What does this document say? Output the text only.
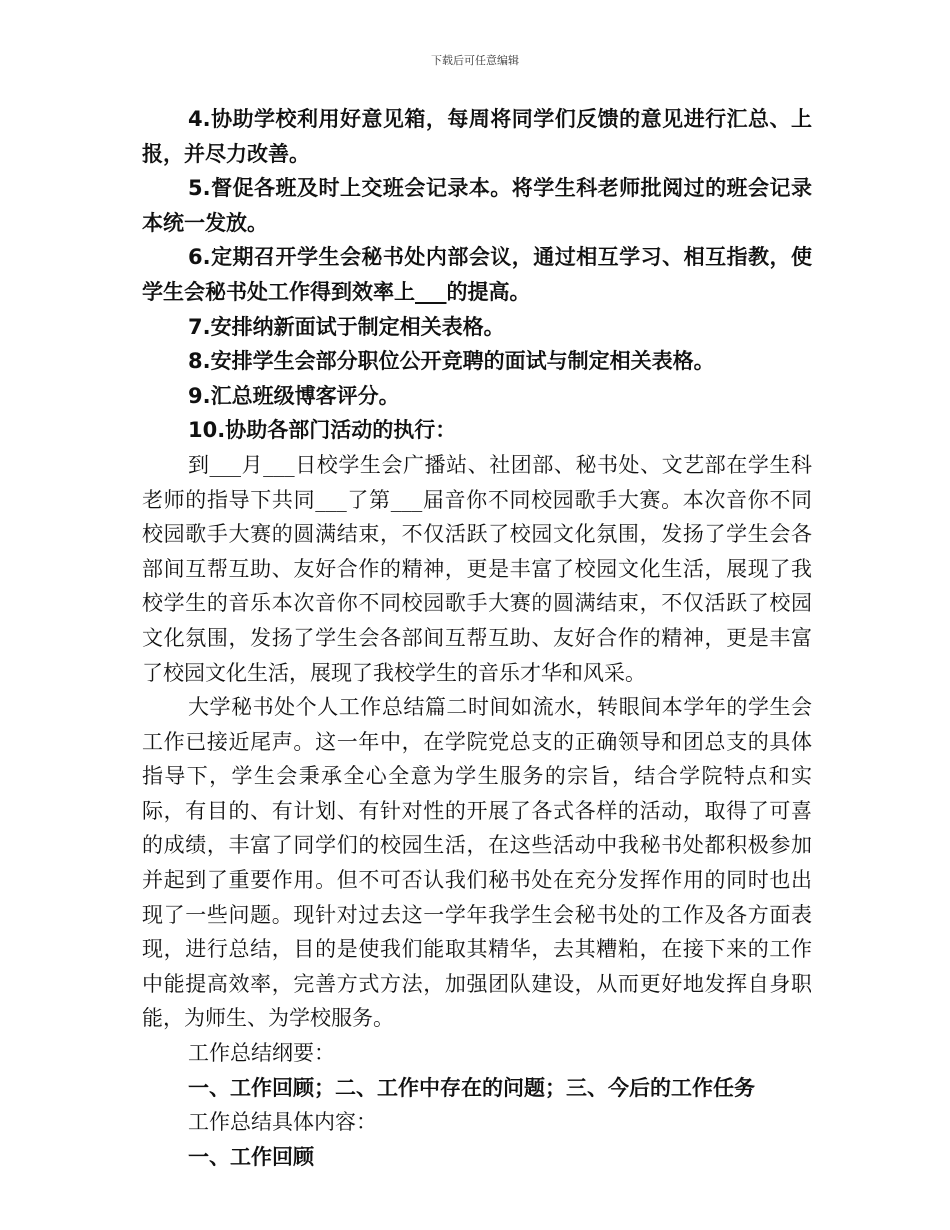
下载后可任意编辑

4.协助学校利用好意见箱，每周将同学们反馈的意见进行汇总、上报，并尽力改善。

5.督促各班及时上交班会记录本。将学生科老师批阅过的班会记录本统一发放。

6.定期召开学生会秘书处内部会议，通过相互学习、相互指教，使学生会秘书处工作得到效率上___的提高。

7.安排纳新面试于制定相关表格。

8.安排学生会部分职位公开竞聘的面试与制定相关表格。

9.汇总班级博客评分。

10.协助各部门活动的执行：

到___月___日校学生会广播站、社团部、秘书处、文艺部在学生科老师的指导下共同___了第___届音你不同校园歌手大赛。本次音你不同校园歌手大赛的圆满结束，不仅活跃了校园文化氛围，发扬了学生会各部间互帮互助、友好合作的精神，更是丰富了校园文化生活，展现了我校学生的音乐本次音你不同校园歌手大赛的圆满结束，不仅活跃了校园文化氛围，发扬了学生会各部间互帮互助、友好合作的精神，更是丰富了校园文化生活，展现了我校学生的音乐才华和风采。

大学秘书处个人工作总结篇二时间如流水，转眼间本学年的学生会工作已接近尾声。这一年中，在学院党总支的正确领导和团总支的具体指导下，学生会秉承全心全意为学生服务的宗旨，结合学院特点和实际，有目的、有计划、有针对性的开展了各式各样的活动，取得了可喜的成绩，丰富了同学们的校园生活，在这些活动中我秘书处都积极参加并起到了重要作用。但不可否认我们秘书处在充分发挥作用的同时也出现了一些问题。现针对过去这一学年我学生会秘书处的工作及各方面表现，进行总结，目的是使我们能取其精华，去其糟粕，在接下来的工作中能提高效率，完善方式方法，加强团队建设，从而更好地发挥自身职能，为师生、为学校服务。

工作总结纲要：

一、工作回顾；二、工作中存在的问题；三、今后的工作任务

工作总结具体内容：

一、工作回顾
